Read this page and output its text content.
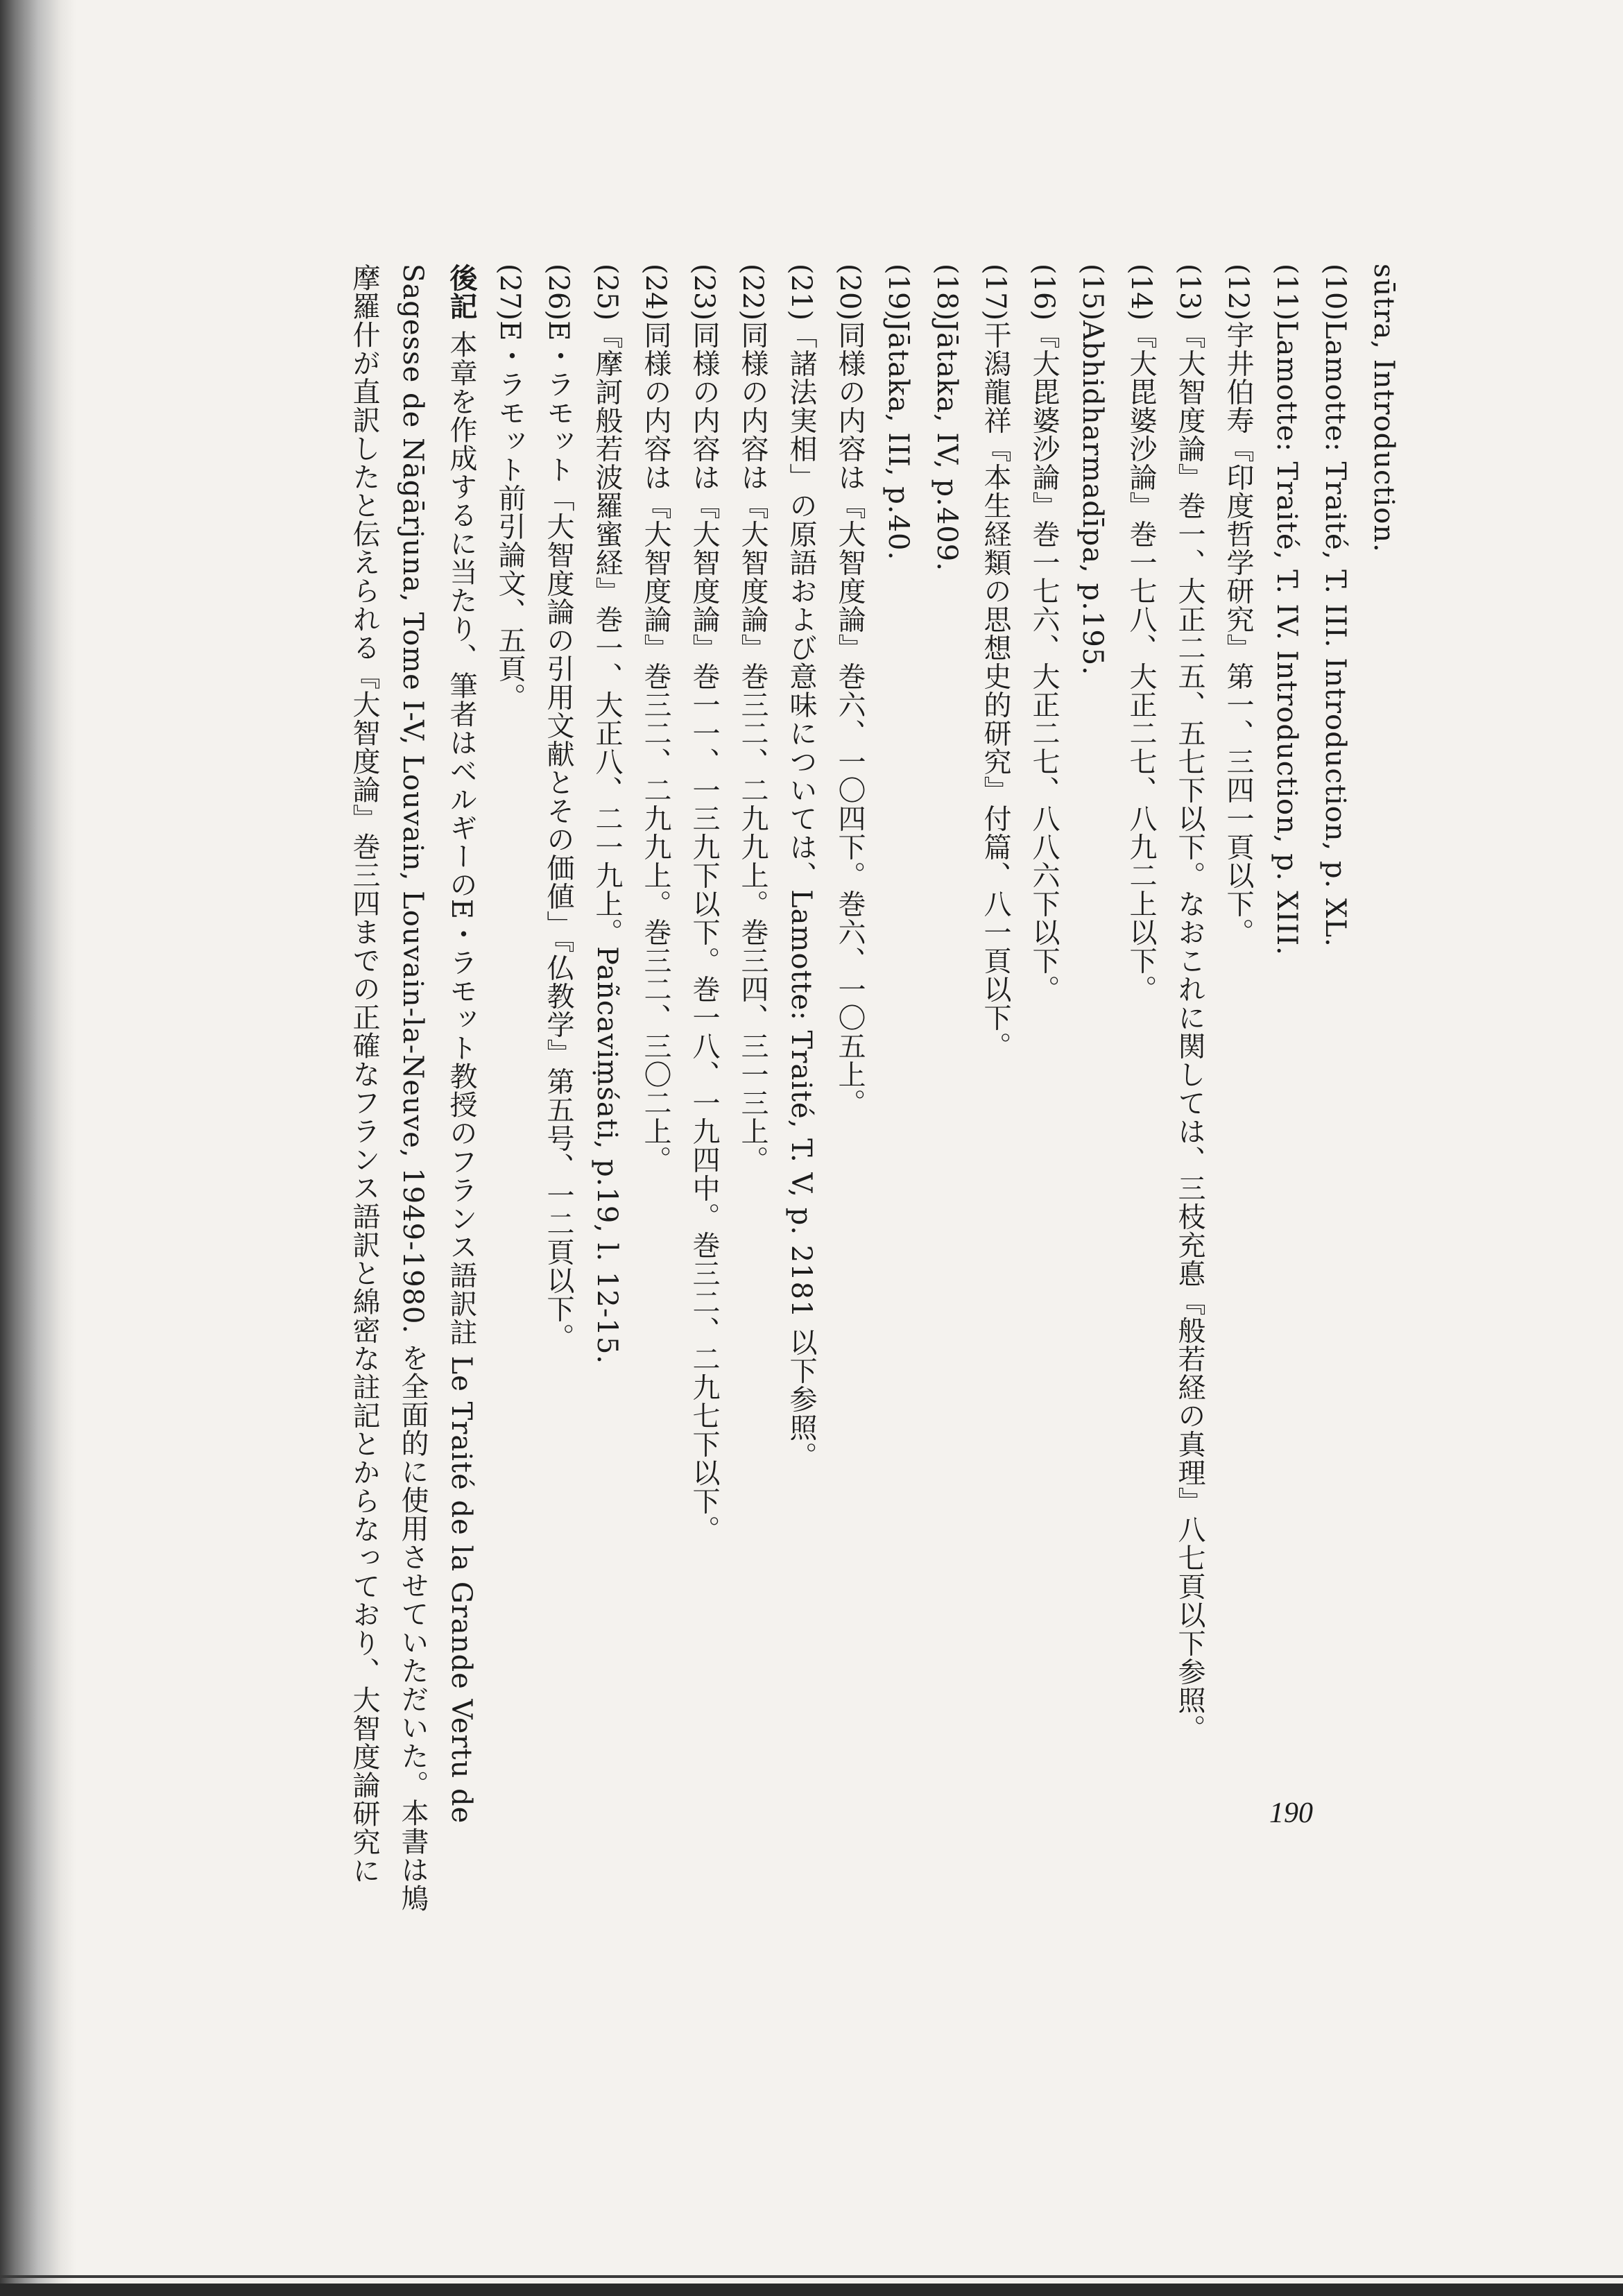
sūtra, Introduction.
(10)Lamotte: Traité, T. III. Introduction, p. XL.
(11)Lamotte: Traité, T. IV. Introduction, p. XIII.
(12)宇井伯寿『印度哲学研究』第一、三四一頁以下。
(13)『大智度論』巻一、大正二五、五七下以下。なおこれに関しては、三枝充悳『般若経の真理』八七頁以下参照。
(14)『大毘婆沙論』巻一七八、大正二七、八九二上以下。
(15)Abhidharmadīpa, p.195.
(16)『大毘婆沙論』巻一七六、大正二七、八八六下以下。
(17)干潟龍祥『本生経類の思想史的研究』付篇、八一頁以下。
(18)Jātaka, IV, p.409.
(19)Jātaka, III, p.40.
(20)同様の内容は『大智度論』巻六、一〇四下。巻六、一〇五上。
(21)「諸法実相」の原語および意味については、Lamotte: Traité, T. V, p. 2181 以下参照。
(22)同様の内容は『大智度論』巻三二、二九九上。巻三四、三一三上。
(23)同様の内容は『大智度論』巻一一、一三九下以下。巻一八、一九四中。巻三二、二九七下以下。
(24)同様の内容は『大智度論』巻三二、二九九上。巻三二、三〇二上。
(25)『摩訶般若波羅蜜経』巻一、大正八、二一九上。Pañcaviṃśati, p.19, l. 12-15.
(26)E・ラモット「大智度論の引用文献とその価値」『仏教学』第五号、一二頁以下。
(27)E・ラモット前引論文、五頁。
後記 本章を作成するに当たり、筆者はベルギーのE・ラモット教授のフランス語訳註 Le Traité de la Grande Vertu de
Sagesse de Nāgārjuna, Tome I-V, Louvain, Louvain-la-Neuve, 1949-1980. を全面的に使用させていただいた。本書は鳩
摩羅什が直訳したと伝えられる『大智度論』巻三四までの正確なフランス語訳と綿密な註記とからなっており、大智度論研究に	190
